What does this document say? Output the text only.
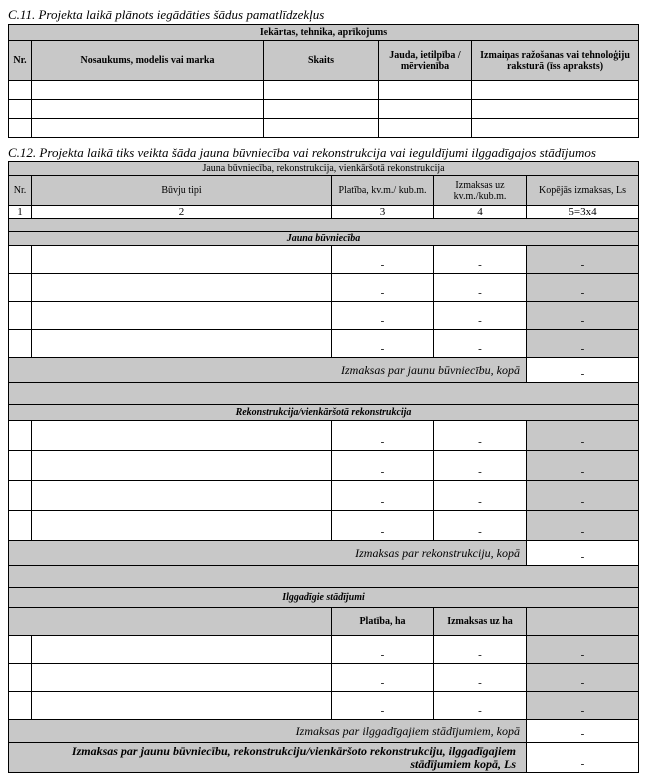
C.11. Projekta laikā plānots iegādāties šādus pamatlīdzekļus
Iekārtas, tehnika, aprīkojums				
Nr.	Nosaukums, modelis vai marka	Skaits	Jauda, ietilpība / mērvienība	Izmaiņas ražošanas vai tehnoloģiju raksturā (īss apraksts)

C.12. Projekta laikā tiks veikta šāda jauna būvniecība vai rekonstrukcija vai ieguldījumi ilggadīgajos stādījumos
Jauna būvniecība, rekonstrukcija, vienkāršotā rekonstrukcija				
Nr.	Būvju tipi	Platība, kv.m./ kub.m.	Izmaksas uz kv.m./kub.m.	Kopējās izmaksas, Ls
1	2	3	4	5=3x4

Jauna būvniecība				
		-	-	-
		-	-	-
		-	-	-
		-	-	-
Izmaksas par jaunu būvniecību, kopā				-

Rekonstrukcija/vienkāršotā rekonstrukcija				
		-	-	-
		-	-	-
		-	-	-
		-	-	-
Izmaksas par rekonstrukciju, kopā				-

Ilggadīgie stādījumi				
		Platība, ha	Izmaksas uz ha	
		-	-	-
		-	-	-
		-	-	-
Izmaksas par ilggadīgajiem stādījumiem, kopā				-
Izmaksas par jaunu būvniecību, rekonstrukciju/vienkāršoto rekonstrukciju, ilggadīgajiem stādījumiem kopā, Ls				-
